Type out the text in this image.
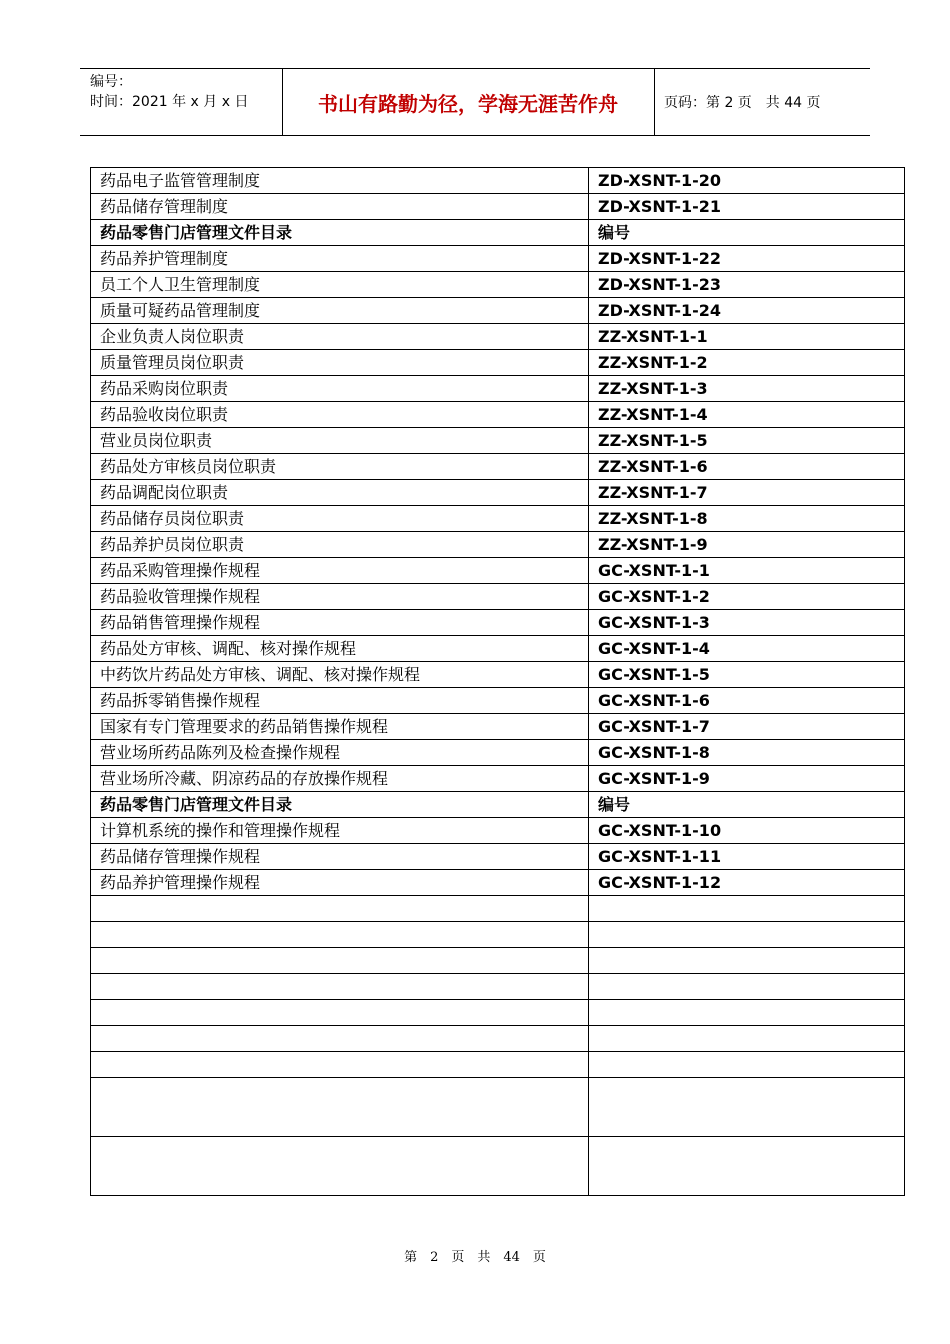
编号：
时间：2021 年 x 月 x 日	书山有路勤为径，学海无涯苦作舟	页码：第 2 页　共 44 页
药品电子监管管理制度	ZD-XSNT-1-20
药品储存管理制度	ZD-XSNT-1-21
药品零售门店管理文件目录	编号
药品养护管理制度	ZD-XSNT-1-22
员工个人卫生管理制度	ZD-XSNT-1-23
质量可疑药品管理制度	ZD-XSNT-1-24
企业负责人岗位职责	ZZ-XSNT-1-1
质量管理员岗位职责	ZZ-XSNT-1-2
药品采购岗位职责	ZZ-XSNT-1-3
药品验收岗位职责	ZZ-XSNT-1-4
营业员岗位职责	ZZ-XSNT-1-5
药品处方审核员岗位职责	ZZ-XSNT-1-6
药品调配岗位职责	ZZ-XSNT-1-7
药品储存员岗位职责	ZZ-XSNT-1-8
药品养护员岗位职责	ZZ-XSNT-1-9
药品采购管理操作规程	GC-XSNT-1-1
药品验收管理操作规程	GC-XSNT-1-2
药品销售管理操作规程	GC-XSNT-1-3
药品处方审核、调配、核对操作规程	GC-XSNT-1-4
中药饮片药品处方审核、调配、核对操作规程	GC-XSNT-1-5
药品拆零销售操作规程	GC-XSNT-1-6
国家有专门管理要求的药品销售操作规程	GC-XSNT-1-7
营业场所药品陈列及检查操作规程	GC-XSNT-1-8
营业场所冷藏、阴凉药品的存放操作规程	GC-XSNT-1-9
药品零售门店管理文件目录	编号
计算机系统的操作和管理操作规程	GC-XSNT-1-10
药品储存管理操作规程	GC-XSNT-1-11
药品养护管理操作规程	GC-XSNT-1-12

第　2　页　共　44　页
